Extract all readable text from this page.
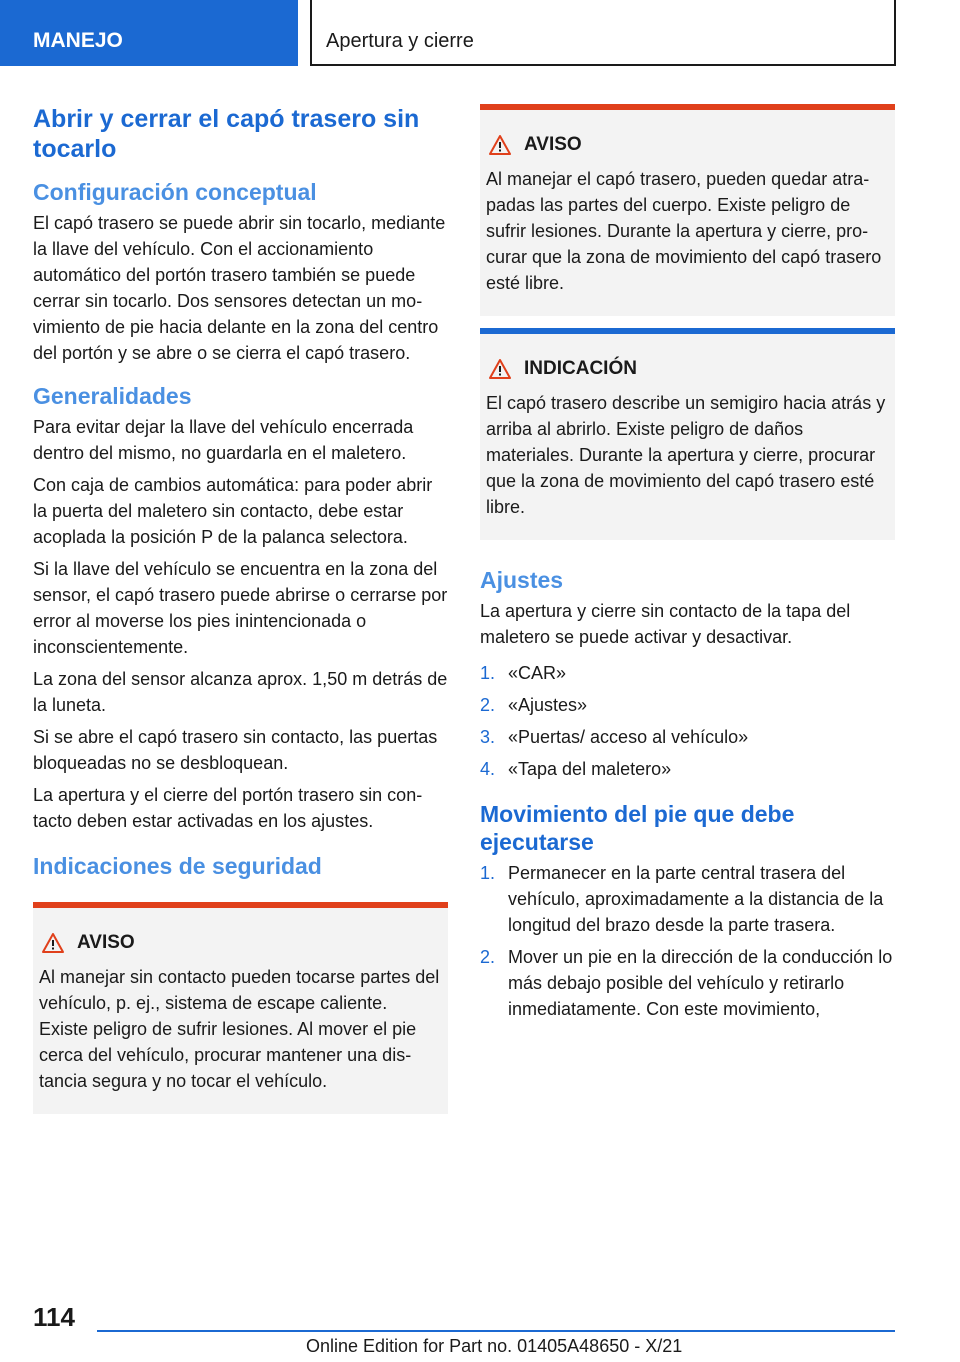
MANEJO	Apertura y cierre
Abrir y cerrar el capó trasero sin tocarlo
Configuración conceptual

El capó trasero se puede abrir sin tocarlo, mediante la llave del vehículo. Con el accionamiento automático del portón trasero también se puede cerrar sin tocarlo. Dos sensores detectan un movimiento de pie hacia delante en la zona del centro del portón y se abre o se cierra el capó trasero.

Generalidades

Para evitar dejar la llave del vehículo encerrada dentro del mismo, no guardarla en el maletero.

Con caja de cambios automática: para poder abrir la puerta del maletero sin contacto, debe estar acoplada la posición P de la palanca selectora.

Si la llave del vehículo se encuentra en la zona del sensor, el capó trasero puede abrirse o cerrarse por error al moverse los pies inintencionada o inconscientemente.

La zona del sensor alcanza aprox. 1,50 m detrás de la luneta.

Si se abre el capó trasero sin contacto, las puertas bloqueadas no se desbloquean.

La apertura y el cierre del portón trasero sin contacto deben estar activadas en los ajustes.

Indicaciones de seguridad
AVISO
Al manejar sin contacto pueden tocarse partes del vehículo, p. ej., sistema de escape caliente. Existe peligro de sufrir lesiones. Al mover el pie cerca del vehículo, procurar mantener una distancia segura y no tocar el vehículo.
AVISO
Al manejar el capó trasero, pueden quedar atrapadas las partes del cuerpo. Existe peligro de sufrir lesiones. Durante la apertura y cierre, procurar que la zona de movimiento del capó trasero esté libre.
INDICACIÓN
El capó trasero describe un semigiro hacia atrás y arriba al abrirlo. Existe peligro de daños materiales. Durante la apertura y cierre, procurar que la zona de movimiento del capó trasero esté libre.
Ajustes

La apertura y cierre sin contacto de la tapa del maletero se puede activar y desactivar.

1. «CAR»
2. «Ajustes»
3. «Puertas/ acceso al vehículo»
4. «Tapa del maletero»
Movimiento del pie que debe ejecutarse
1. Permanecer en la parte central trasera del vehículo, aproximadamente a la distancia de la longitud del brazo desde la parte trasera.
2. Mover un pie en la dirección de la conducción lo más debajo posible del vehículo y retirarlo inmediatamente. Con este movimiento,
114
Online Edition for Part no. 01405A48650 - X/21
